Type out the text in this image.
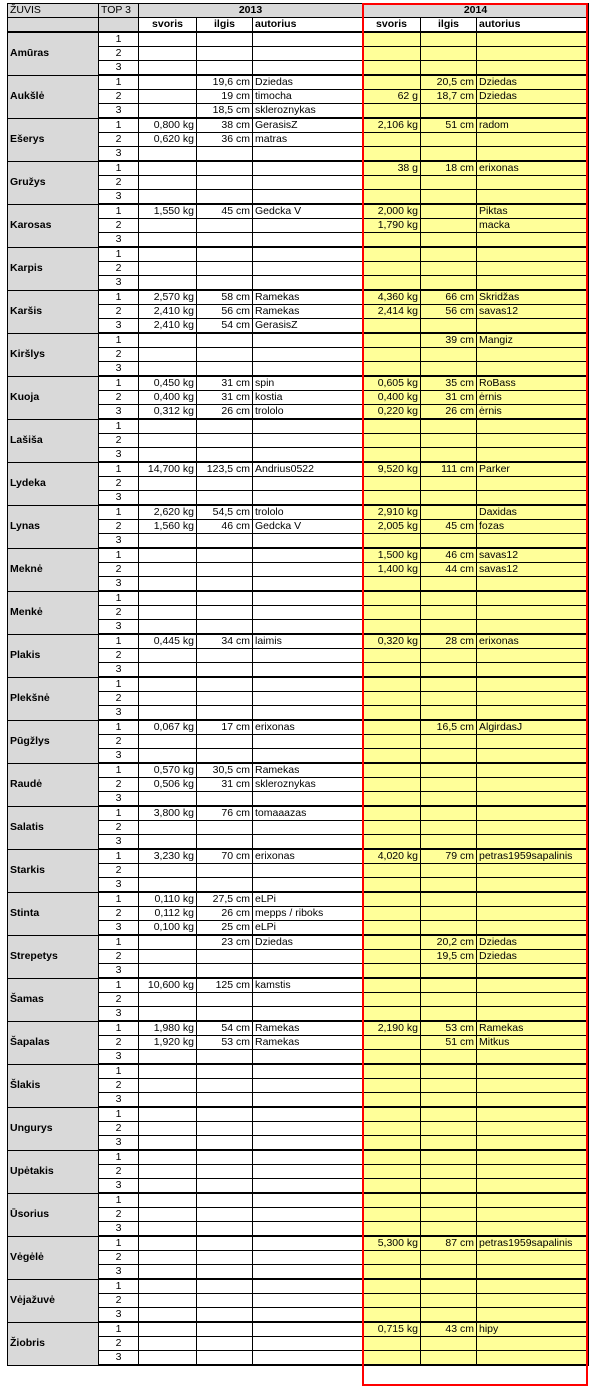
ŽUVIS	TOP 3	2013			2014		
		svoris	ilgis	autorius	svoris	ilgis	autorius
Amūras	1						
	2						
	3						
Aukšlė	1		19,6 cm	Dziedas		20,5 cm	Dziedas
	2		19 cm	timocha	62 g	18,7 cm	Dziedas
	3		18,5 cm	skleroznykas			
Ešerys	1	0,800 kg	38 cm	GerasisZ	2,106 kg	51 cm	radom
	2	0,620 kg	36 cm	matras			
	3						
Gružys	1				38 g	18 cm	erixonas
	2						
	3						
Karosas	1	1,550 kg	45 cm	Gedcka V	2,000 kg		Piktas
	2				1,790 kg		macka
	3						
Karpis	1						
	2						
	3						
Karšis	1	2,570 kg	58 cm	Ramekas	4,360 kg	66 cm	Skridžas
	2	2,410 kg	56 cm	Ramekas	2,414 kg	56 cm	savas12
	3	2,410 kg	54 cm	GerasisZ			
Kiršlys	1					39 cm	Mangiz
	2						
	3						
Kuoja	1	0,450 kg	31 cm	spin	0,605 kg	35 cm	RoBass
	2	0,400 kg	31 cm	kostia	0,400 kg	31 cm	ėrnis
	3	0,312 kg	26 cm	trololo	0,220 kg	26 cm	ėrnis
Lašiša	1						
	2						
	3						
Lydeka	1	14,700 kg	123,5 cm	Andrius0522	9,520 kg	111 cm	Parker
	2						
	3						
Lynas	1	2,620 kg	54,5 cm	trololo	2,910 kg		Daxidas
	2	1,560 kg	46 cm	Gedcka V	2,005 kg	45 cm	fozas
	3						
Meknė	1				1,500 kg	46 cm	savas12
	2				1,400 kg	44 cm	savas12
	3						
Menkė	1						
	2						
	3						
Plakis	1	0,445 kg	34 cm	laimis	0,320 kg	28 cm	erixonas
	2						
	3						
Plekšnė	1						
	2						
	3						
Pūgžlys	1	0,067 kg	17 cm	erixonas		16,5 cm	AlgirdasJ
	2						
	3						
Raudė	1	0,570 kg	30,5 cm	Ramekas			
	2	0,506 kg	31 cm	skleroznykas			
	3						
Salatis	1	3,800 kg	76 cm	tomaaazas			
	2						
	3						
Starkis	1	3,230 kg	70 cm	erixonas	4,020 kg	79 cm	petras1959sapalinis
	2						
	3						
Stinta	1	0,110 kg	27,5 cm	eLPi			
	2	0,112 kg	26 cm	mepps / riboks			
	3	0,100 kg	25 cm	eLPi			
Strepetys	1		23 cm	Dziedas		20,2 cm	Dziedas
	2					19,5 cm	Dziedas
	3						
Šamas	1	10,600 kg	125 cm	kamstis			
	2						
	3						
Šapalas	1	1,980 kg	54 cm	Ramekas	2,190 kg	53 cm	Ramekas
	2	1,920 kg	53 cm	Ramekas		51 cm	Mitkus
	3						
Šlakis	1						
	2						
	3						
Ungurys	1						
	2						
	3						
Upėtakis	1						
	2						
	3						
Ūsorius	1						
	2						
	3						
Vėgėlė	1				5,300 kg	87 cm	petras1959sapalinis
	2						
	3						
Vėjažuvė	1						
	2						
	3						
Žiobris	1				0,715 kg	43 cm	hipy
	2						
	3						
